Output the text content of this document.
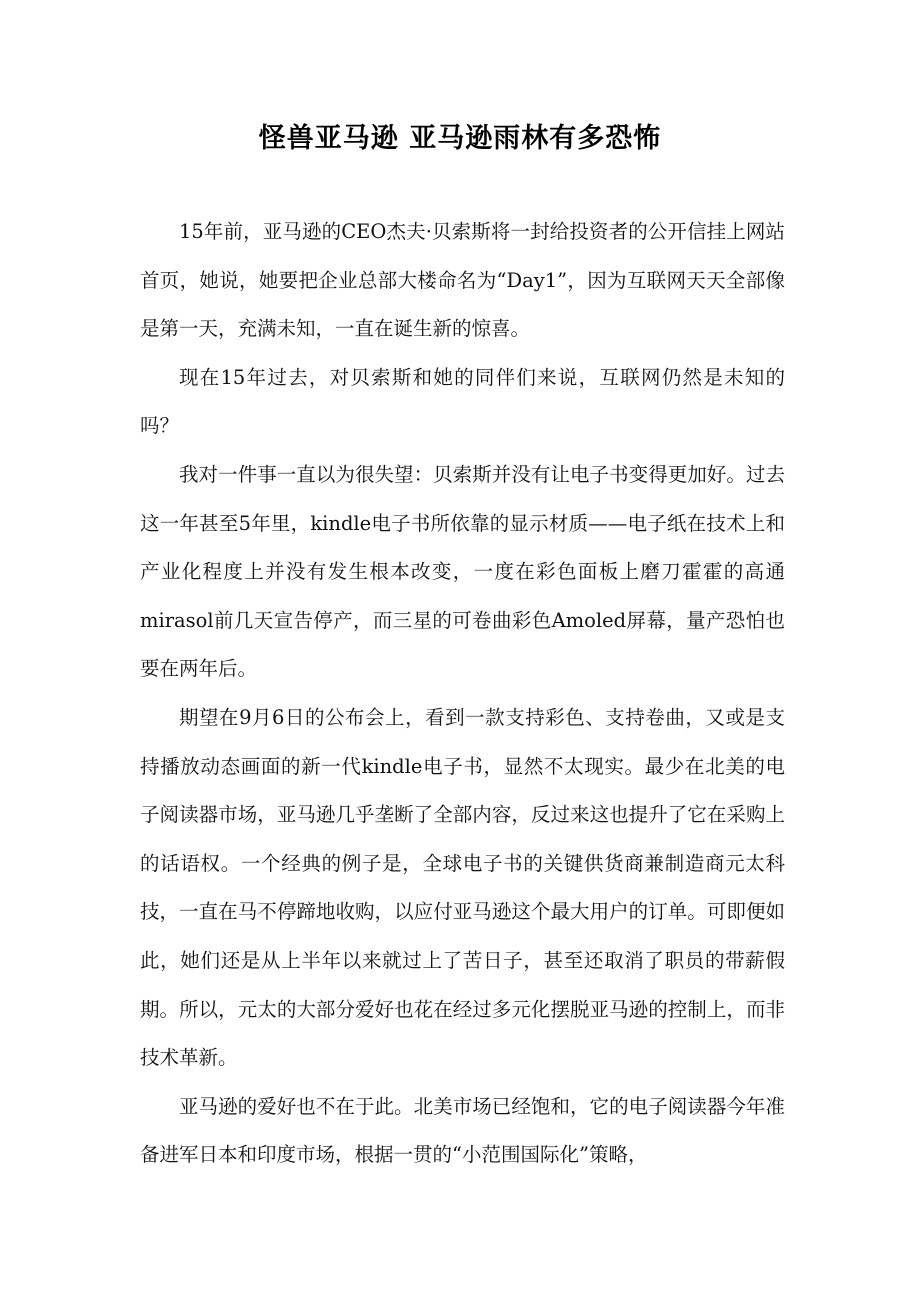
怪兽亚马逊 亚马逊雨林有多恐怖

15年前，亚马逊的CEO杰夫·贝索斯将一封给投资者的公开信挂上网站首页，她说，她要把企业总部大楼命名为“Day1”，因为互联网天天全部像是第一天，充满未知，一直在诞生新的惊喜。

现在15年过去，对贝索斯和她的同伴们来说，互联网仍然是未知的吗？

我对一件事一直以为很失望：贝索斯并没有让电子书变得更加好。过去这一年甚至5年里，kindle电子书所依靠的显示材质——电子纸在技术上和产业化程度上并没有发生根本改变，一度在彩色面板上磨刀霍霍的高通mirasol前几天宣告停产，而三星的可卷曲彩色Amoled屏幕，量产恐怕也要在两年后。

期望在9月6日的公布会上，看到一款支持彩色、支持卷曲，又或是支持播放动态画面的新一代kindle电子书，显然不太现实。最少在北美的电子阅读器市场，亚马逊几乎垄断了全部内容，反过来这也提升了它在采购上的话语权。一个经典的例子是，全球电子书的关键供货商兼制造商元太科技，一直在马不停蹄地收购，以应付亚马逊这个最大用户的订单。可即便如此，她们还是从上半年以来就过上了苦日子，甚至还取消了职员的带薪假期。所以，元太的大部分爱好也花在经过多元化摆脱亚马逊的控制上，而非技术革新。

亚马逊的爱好也不在于此。北美市场已经饱和，它的电子阅读器今年准备进军日本和印度市场，根据一贯的“小范围国际化”策略，
